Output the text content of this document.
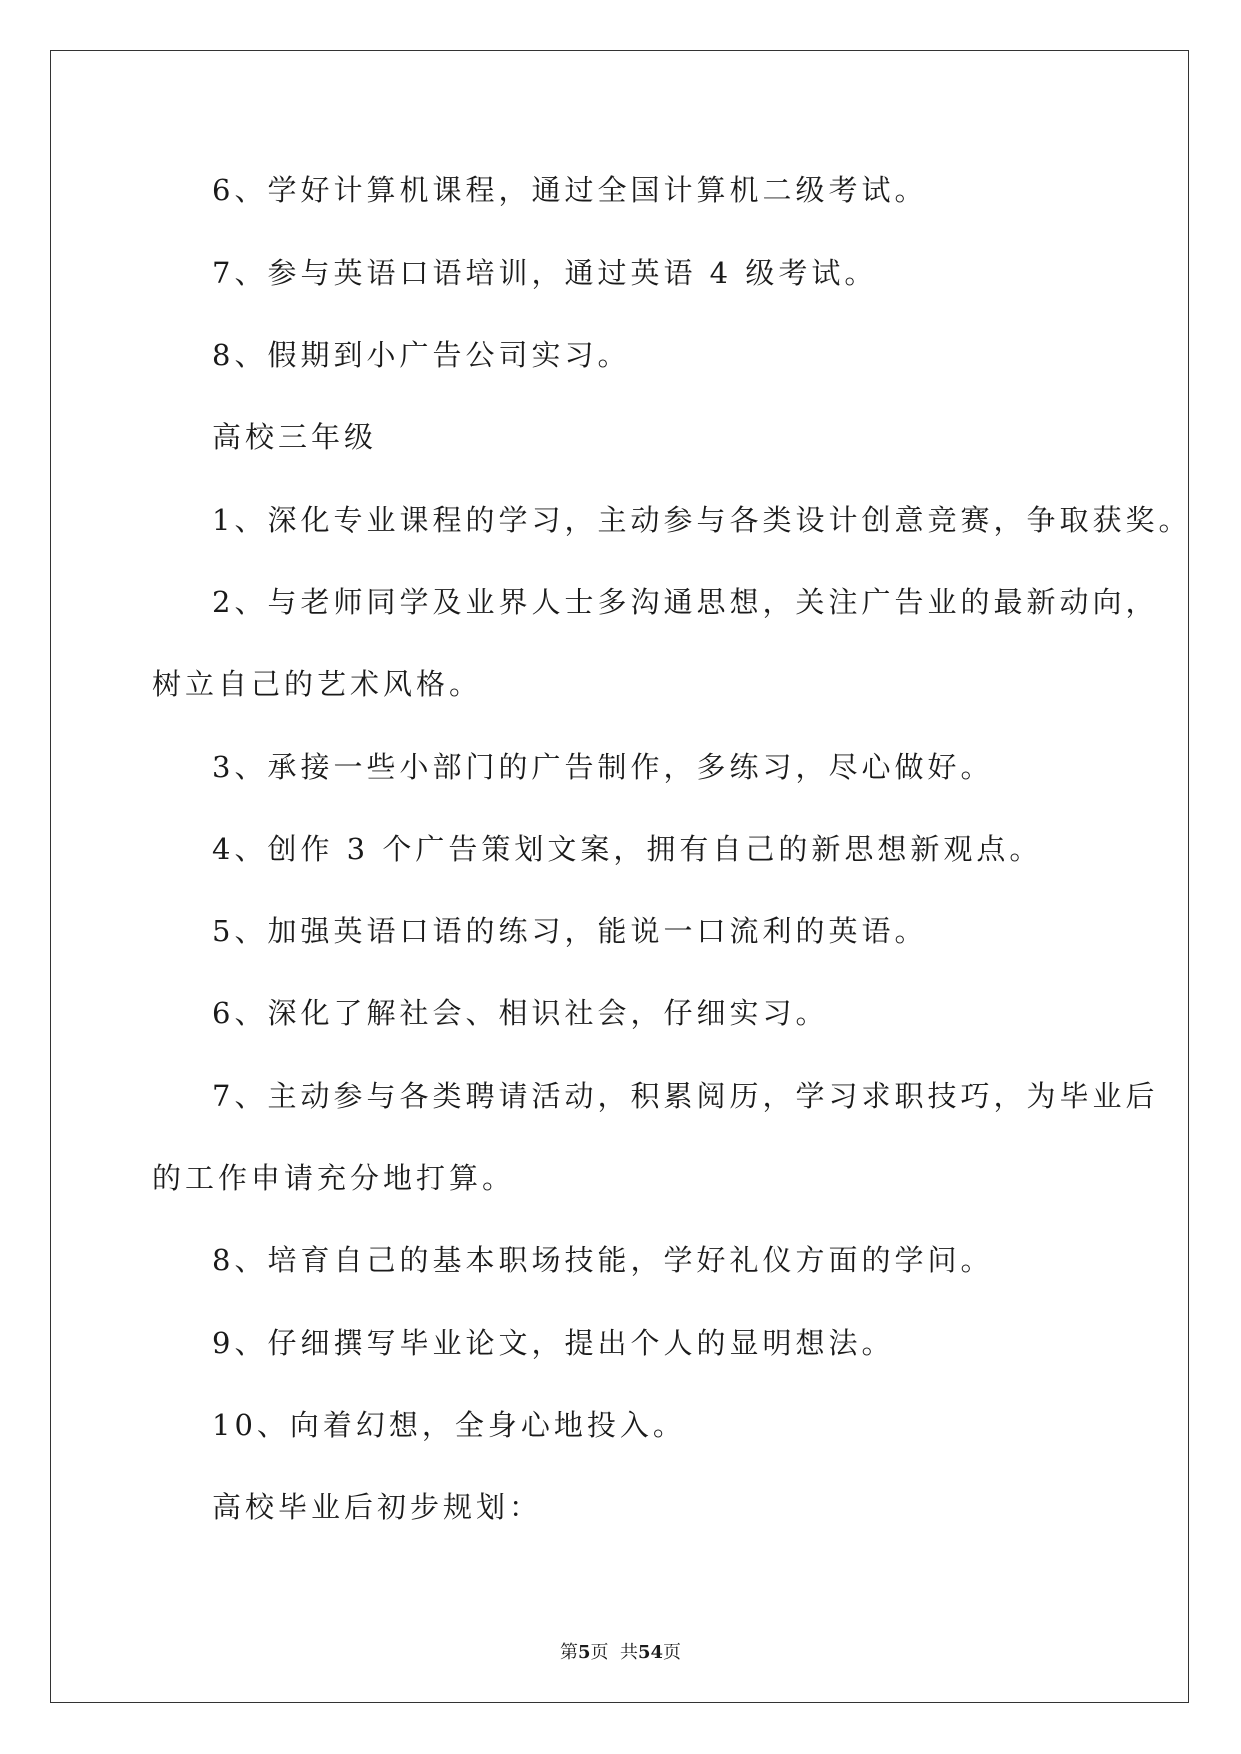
6、学好计算机课程，通过全国计算机二级考试。
7、参与英语口语培训，通过英语 4 级考试。
8、假期到小广告公司实习。
高校三年级
1、深化专业课程的学习，主动参与各类设计创意竞赛，争取获奖。
2、与老师同学及业界人士多沟通思想，关注广告业的最新动向，
树立自己的艺术风格。
3、承接一些小部门的广告制作，多练习，尽心做好。
4、创作 3 个广告策划文案，拥有自己的新思想新观点。
5、加强英语口语的练习，能说一口流利的英语。
6、深化了解社会、相识社会，仔细实习。
7、主动参与各类聘请活动，积累阅历，学习求职技巧，为毕业后
的工作申请充分地打算。
8、培育自己的基本职场技能，学好礼仪方面的学问。
9、仔细撰写毕业论文，提出个人的显明想法。
10、向着幻想，全身心地投入。
高校毕业后初步规划：
第5页  共54页
